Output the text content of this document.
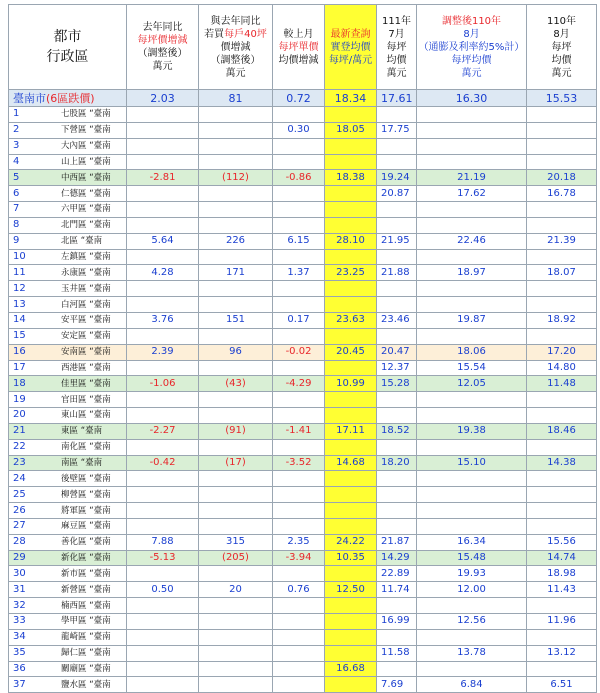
都市
行政區	去年同比
每坪價增減
（調整後）
萬元	與去年同比
若買每戶40坪
價增減
（調整後）
萬元	較上月
每坪單價
均價增減	最新查詢
實登均價
每坪/萬元	111年
7月
每坪
均價
萬元	調整後110年
8月
（通膨及利率約5%計）
每坪均價
萬元	110年
8月
每坪
均價
萬元

臺南市(6區跌價)	2.03	81	0.72	18.34	17.61	16.30	15.53
1 七股區 “臺南							

2 下營區 “臺南			0.30	18.05	17.75		
3 大內區 “臺南							

4 山上區 “臺南							

5 中西區 “臺南	-2.81	(112)	-0.86	18.38	19.24	21.19	20.18
6 仁德區 “臺南					20.87	17.62	16.78
7 六甲區 “臺南							

8 北門區 “臺南							

9 北區 “臺南	5.64	226	6.15	28.10	21.95	22.46	21.39
10 左鎮區 “臺南							

11 永康區 “臺南	4.28	171	1.37	23.25	21.88	18.97	18.07
12 玉井區 “臺南							

13 白河區 “臺南							

14 安平區 “臺南	3.76	151	0.17	23.63	23.46	19.87	18.92
15 安定區 “臺南							

16 安南區 “臺南	2.39	96	-0.02	20.45	20.47	18.06	17.20
17 西港區 “臺南					12.37	15.54	14.80
18 佳里區 “臺南	-1.06	(43)	-4.29	10.99	15.28	12.05	11.48
19 官田區 “臺南							

20 東山區 “臺南							

21 東區 “臺南	-2.27	(91)	-1.41	17.11	18.52	19.38	18.46
22 南化區 “臺南							

23 南區 “臺南	-0.42	(17)	-3.52	14.68	18.20	15.10	14.38
24 後壁區 “臺南							

25 柳營區 “臺南							

26 將軍區 “臺南							

27 麻豆區 “臺南							

28 善化區 “臺南	7.88	315	2.35	24.22	21.87	16.34	15.56
29 新化區 “臺南	-5.13	(205)	-3.94	10.35	14.29	15.48	14.74
30 新市區 “臺南					22.89	19.93	18.98
31 新營區 “臺南	0.50	20	0.76	12.50	11.74	12.00	11.43
32 楠西區 “臺南							

33 學甲區 “臺南					16.99	12.56	11.96
34 龍崎區 “臺南							

35 歸仁區 “臺南					11.58	13.78	13.12
36 關廟區 “臺南				16.68			
37 鹽水區 “臺南					7.69	6.84	6.51
